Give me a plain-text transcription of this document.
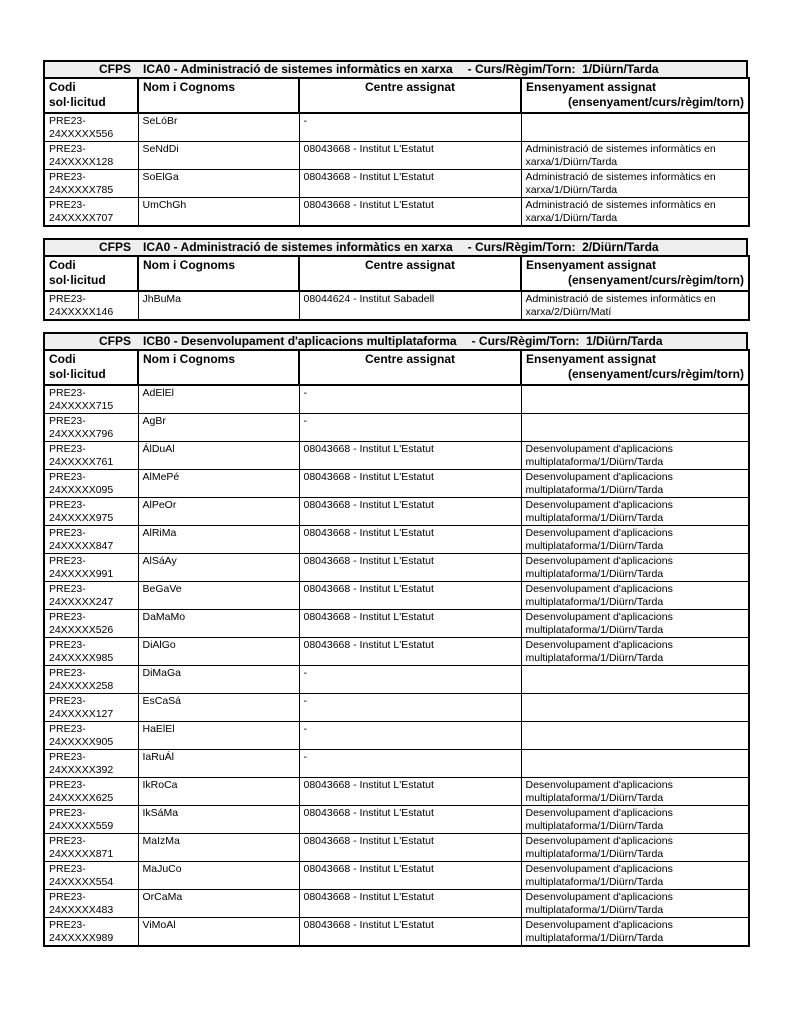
CFPS ICA0 - Administració de sistemes informàtics en xarxa - Curs/Règim/Torn:  1/Diürn/Tarda
Codi
sol·licitud	Nom i Cognoms	Centre assignat	Ensenyament assignat
(ensenyament/curs/règim/torn)

PRE23-
24XXXXX556	SeLóBr	-	

PRE23-
24XXXXX128	SeNdDi	08043668 - Institut L'Estatut	Administració de sistemes informàtics en xarxa/1/Diürn/Tarda

PRE23-
24XXXXX785	SoElGa	08043668 - Institut L'Estatut	Administració de sistemes informàtics en xarxa/1/Diürn/Tarda

PRE23-
24XXXXX707	UmChGh	08043668 - Institut L'Estatut	Administració de sistemes informàtics en xarxa/1/Diürn/Tarda
CFPS ICA0 - Administració de sistemes informàtics en xarxa - Curs/Règim/Torn:  2/Diürn/Tarda
Codi
sol·licitud	Nom i Cognoms	Centre assignat	Ensenyament assignat
(ensenyament/curs/règim/torn)

PRE23-
24XXXXX146	JhBuMa	08044624 - Institut Sabadell	Administració de sistemes informàtics en xarxa/2/Diürn/Matí
CFPS ICB0 - Desenvolupament d'aplicacions multiplataforma - Curs/Règim/Torn:  1/Diürn/Tarda
Codi
sol·licitud	Nom i Cognoms	Centre assignat	Ensenyament assignat
(ensenyament/curs/règim/torn)

PRE23-
24XXXXX715	AdElEl	-	

PRE23-
24XXXXX796	AgBr	-	

PRE23-
24XXXXX761	ÁlDuAl	08043668 - Institut L'Estatut	Desenvolupament d'aplicacions multiplataforma/1/Diürn/Tarda

PRE23-
24XXXXX095	AlMePé	08043668 - Institut L'Estatut	Desenvolupament d'aplicacions multiplataforma/1/Diürn/Tarda

PRE23-
24XXXXX975	AlPeOr	08043668 - Institut L'Estatut	Desenvolupament d'aplicacions multiplataforma/1/Diürn/Tarda

PRE23-
24XXXXX847	AlRiMa	08043668 - Institut L'Estatut	Desenvolupament d'aplicacions multiplataforma/1/Diürn/Tarda

PRE23-
24XXXXX991	AlSáAy	08043668 - Institut L'Estatut	Desenvolupament d'aplicacions multiplataforma/1/Diürn/Tarda

PRE23-
24XXXXX247	BeGaVe	08043668 - Institut L'Estatut	Desenvolupament d'aplicacions multiplataforma/1/Diürn/Tarda

PRE23-
24XXXXX526	DaMaMo	08043668 - Institut L'Estatut	Desenvolupament d'aplicacions multiplataforma/1/Diürn/Tarda

PRE23-
24XXXXX985	DiAlGo	08043668 - Institut L'Estatut	Desenvolupament d'aplicacions multiplataforma/1/Diürn/Tarda

PRE23-
24XXXXX258	DiMaGa	-	

PRE23-
24XXXXX127	EsCaSá	-	

PRE23-
24XXXXX905	HaElEl	-	

PRE23-
24XXXXX392	IaRuÁl	-	

PRE23-
24XXXXX625	IkRoCa	08043668 - Institut L'Estatut	Desenvolupament d'aplicacions multiplataforma/1/Diürn/Tarda

PRE23-
24XXXXX559	IkSáMa	08043668 - Institut L'Estatut	Desenvolupament d'aplicacions multiplataforma/1/Diürn/Tarda

PRE23-
24XXXXX871	MaIzMa	08043668 - Institut L'Estatut	Desenvolupament d'aplicacions multiplataforma/1/Diürn/Tarda

PRE23-
24XXXXX554	MaJuCo	08043668 - Institut L'Estatut	Desenvolupament d'aplicacions multiplataforma/1/Diürn/Tarda

PRE23-
24XXXXX483	OrCaMa	08043668 - Institut L'Estatut	Desenvolupament d'aplicacions multiplataforma/1/Diürn/Tarda

PRE23-
24XXXXX989	ViMoAl	08043668 - Institut L'Estatut	Desenvolupament d'aplicacions multiplataforma/1/Diürn/Tarda
